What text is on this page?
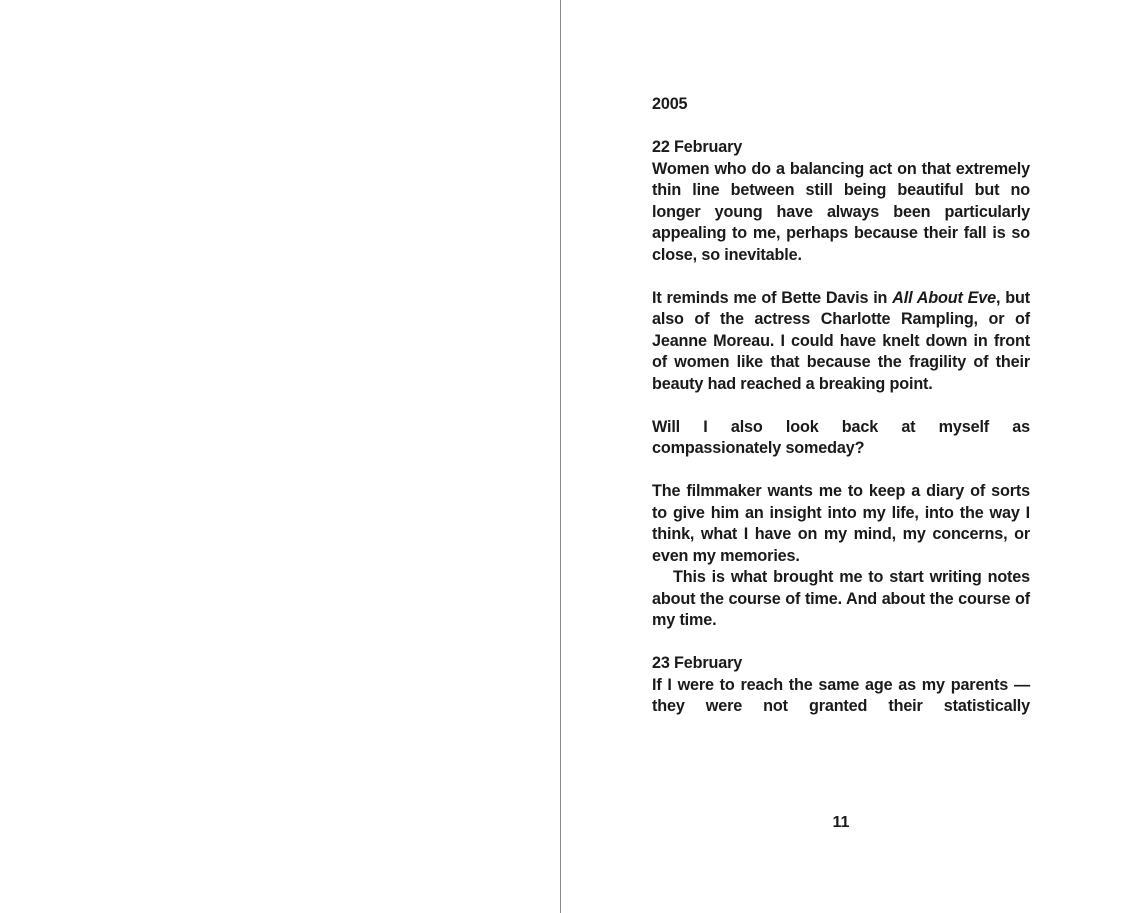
2005

22 February

Women who do a balancing act on that extremely thin line between still being beautiful but no longer young have always been particularly appealing to me, perhaps because their fall is so close, so inevitable.

It reminds me of Bette Davis in All About Eve, but also of the actress Charlotte Rampling, or of Jeanne Moreau. I could have knelt down in front of women like that because the fragility of their beauty had reached a breaking point.

Will I also look back at myself as compassionately someday?

The filmmaker wants me to keep a diary of sorts to give him an insight into my life, into the way I think, what I have on my mind, my concerns, or even my memories.

This is what brought me to start writing notes about the course of time. And about the course of my time.

23 February

If I were to reach the same age as my parents —they were not granted their statistically

11
